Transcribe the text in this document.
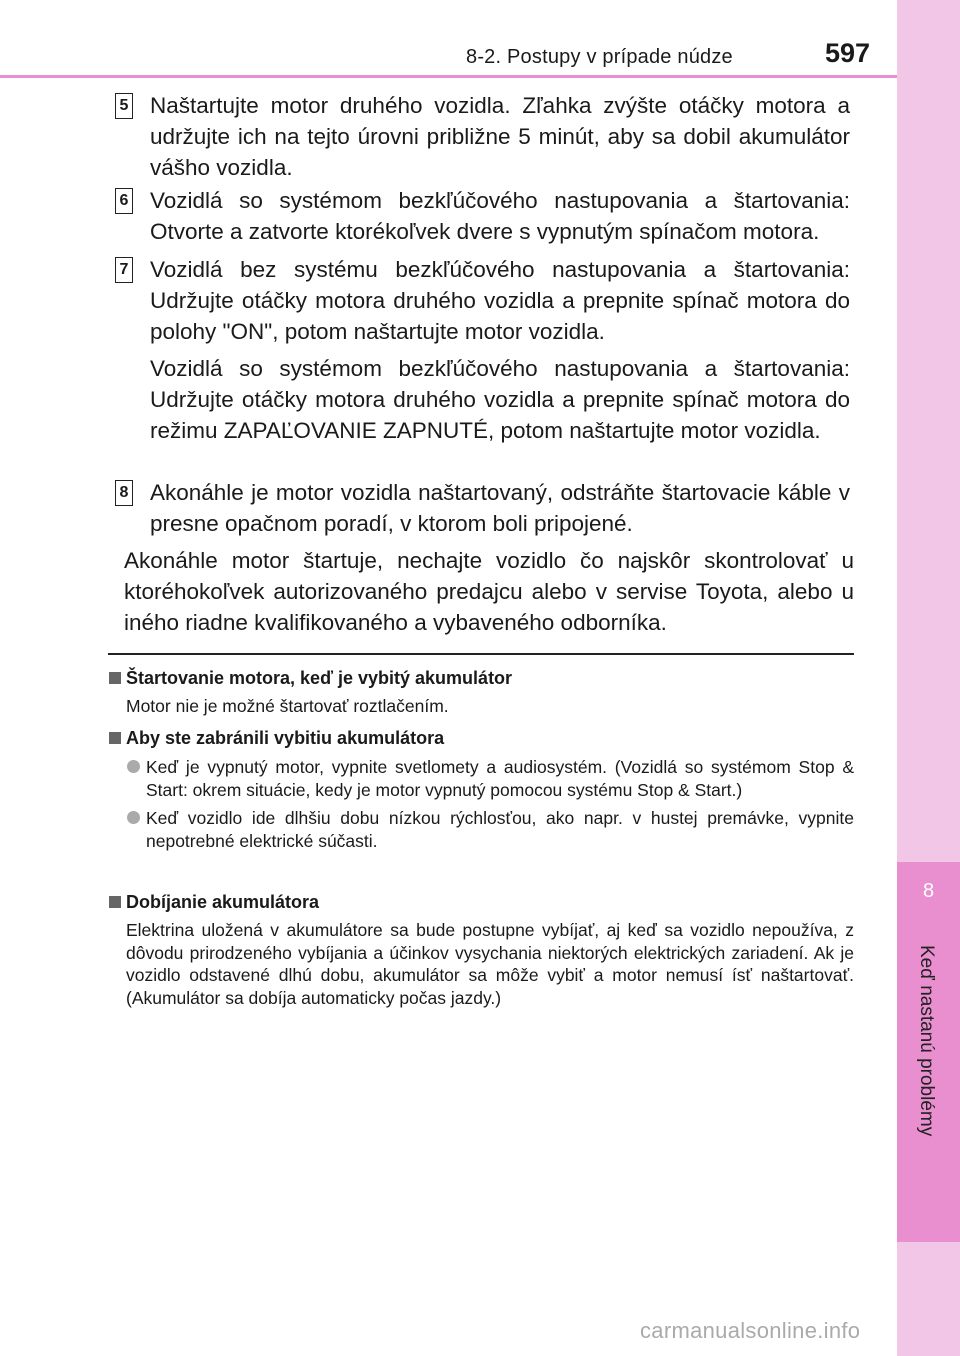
8-2. Postupy v prípade núdze	597
8
Keď nastanú problémy
5 Naštartujte motor druhého vozidla. Zľahka zvýšte otáčky motora a udržujte ich na tejto úrovni približne 5 minút, aby sa dobil akumulátor vášho vozidla.

6 Vozidlá so systémom bezkľúčového nastupovania a štartovania: Otvorte a zatvorte ktorékoľvek dvere s vypnutým spínačom motora.

7 Vozidlá bez systému bezkľúčového nastupovania a štartovania: Udržujte otáčky motora druhého vozidla a prepnite spínač motora do polohy "ON", potom naštartujte motor vozidla.

Vozidlá so systémom bezkľúčového nastupovania a štartovania: Udržujte otáčky motora druhého vozidla a prepnite spínač motora do režimu ZAPAĽOVANIE ZAPNUTÉ, potom naštartujte motor vozidla.

8 Akonáhle je motor vozidla naštartovaný, odstráňte štartovacie káble v presne opačnom poradí, v ktorom boli pripojené.

Akonáhle motor štartuje, nechajte vozidlo čo najskôr skontrolovať u ktoréhokoľvek autorizovaného predajcu alebo v servise Toyota, alebo u iného riadne kvalifikovaného a vybaveného odborníka.

Štartovanie motora, keď je vybitý akumulátor
Motor nie je možné štartovať roztlačením.
Aby ste zabránili vybitiu akumulátora
Keď je vypnutý motor, vypnite svetlomety a audiosystém. (Vozidlá so systémom Stop & Start: okrem situácie, kedy je motor vypnutý pomocou systému Stop & Start.)
Keď vozidlo ide dlhšiu dobu nízkou rýchlosťou, ako napr. v hustej premávke, vypnite nepotrebné elektrické súčasti.
Dobíjanie akumulátora
Elektrina uložená v akumulátore sa bude postupne vybíjať, aj keď sa vozidlo nepoužíva, z dôvodu prirodzeného vybíjania a účinkov vysychania niektorých elektrických zariadení. Ak je vozidlo odstavené dlhú dobu, akumulátor sa môže vybiť a motor nemusí ísť naštartovať. (Akumulátor sa dobíja automaticky počas jazdy.)
carmanualsonline.info
